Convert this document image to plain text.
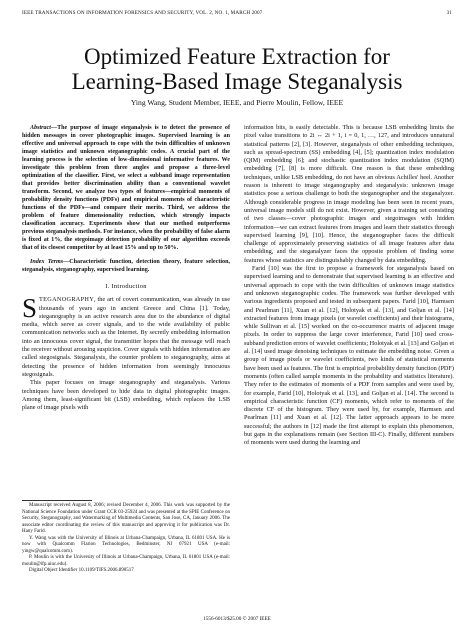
IEEE TRANSACTIONS ON INFORMATION FORENSICS AND SECURITY, VOL. 2, NO. 1, MARCH 2007	31
Optimized Feature Extraction for
Learning-Based Image Steganalysis
Ying Wang, Student Member, IEEE, and Pierre Moulin, Fellow, IEEE

Abstract—The purpose of image steganalysis is to detect the presence of hidden messages in cover photographic images. Supervised learning is an effective and universal approach to cope with the twin difficulties of unknown image statistics and unknown steganographic codes. A crucial part of the learning process is the selection of low-dimensional informative features. We investigate this problem from three angles and propose a three-level optimization of the classifier. First, we select a subband image representation that provides better discrimination ability than a conventional wavelet transform. Second, we analyze two types of features—empirical moments of probability density functions (PDFs) and empirical moments of characteristic functions of the PDFs—and compare their merits. Third, we address the problem of feature dimensionality reduction, which strongly impacts classification accuracy. Experiments show that our method outperforms previous steganalysis methods. For instance, when the probability of false alarm is fixed at 1%, the stegoimage detection probability of our algorithm exceeds that of its closest competitor by at least 15% and up to 50%.

Index Terms—Characteristic function, detection theory, feature selection, steganalysis, steganography, supervised learning.

I. Introduction

STEGANOGRAPHY, the art of covert communication, was already in use thousands of years ago in ancient Greece and China [1]. Today, steganography is an active research area due to the abundance of digital media, which serve as cover signals, and to the wide availability of public communication networks such as the Internet. By secretly embedding information into an innocuous cover signal, the transmitter hopes that the message will reach the receiver without arousing suspicion. Cover signals with hidden information are called stegosignals. Steganalysis, the counter problem to steganography, aims at detecting the presence of hidden information from seemingly innocuous stegosignals.

This paper focuses on image steganography and steganalysis. Various techniques have been developed to hide data in digital photographic images. Among them, least-significant bit (LSB) embedding, which replaces the LSB plane of image pixels with

Manuscript received August 8, 2006; revised December 4, 2006. This work was supported by the National Science Foundation under Grant CCR 03-25924 and was presented at the SPIE Conference on Security, Steganography, and Watermarking of Multimedia Contents, San Jose, CA, January 2006. The associate editor coordinating the review of this manuscript and approving it for publication was Dr. Hany Farid.

Y. Wang was with the University of Illinois at Urbana-Champaign, Urbana, IL 61801 USA. He is now with Qualcomm Flarion Technologies, Bedminster, NJ 07921 USA (e-mail: yingw@qualcomm.com).

P. Moulin is with the University of Illinois at Urbana-Champaign, Urbana, IL 61801 USA (e-mail: moulin@ifp.uiuc.edu).

Digital Object Identifier 10.1109/TIFS.2006.890517

information bits, is easily detectable. This is because LSB embedding limits the pixel value transitions to 2i ↔ 2i + 1, i = 0, 1, …, 127, and introduces unnatural statistical patterns [2], [3]. However, steganalysis of other embedding techniques, such as spread-spectrum (SS) embedding [4], [5]; quantization index modulation (QIM) embedding [6]; and stochastic quantization index modulation (SQIM) embedding [7], [8] is more difficult. One reason is that these embedding techniques, unlike LSB embedding, do not have an obvious Achilles' heel. Another reason is inherent to image steganography and steganalysis: unknown image statistics pose a serious challenge to both the steganographer and the steganalyzer. Although considerable progress in image modeling has been seen in recent years, universal image models still do not exist. However, given a training set consisting of two classes—cover photographic images and stegoimages with hidden information—we can extract features from images and learn their statistics through supervised learning [9], [10]. Hence, the steganographer faces the difficult challenge of approximately preserving statistics of all image features after data embedding, and the steganalyzer faces the opposite problem of finding some features whose statistics are distinguishably changed by data embedding.

Farid [10] was the first to propose a framework for steganalysis based on supervised learning and to demonstrate that supervised learning is an effective and universal approach to cope with the twin difficulties of unknown image statistics and unknown steganographic codes. The framework was further developed with various ingredients proposed and tested in subsequent papers. Farid [10], Harmsen and Pearlman [11], Xuan et al. [12], Holotyak et al. [13], and Goljan et al. [14] extracted features from image pixels (or wavelet coefficients) and their histograms, while Sullivan et al. [15] worked on the co-occurrence matrix of adjacent image pixels. In order to suppress the large cover interference, Farid [10] used cross-subband prediction errors of wavelet coefficients; Holotyak et al. [13] and Goljan et al. [14] used image denoising techniques to estimate the embedding noise. Given a group of image pixels or wavelet coefficients, two kinds of statistical moments have been used as features. The first is empirical probability density function (PDF) moments (often called sample moments in the probability and statistics literature). They refer to the estimates of moments of a PDF from samples and were used by, for example, Farid [10], Holotyak et al. [13], and Goljan et al. [14]. The second is empirical characteristic function (CF) moments, which refer to moments of the discrete CF of the histogram. They were used by, for example, Harmsen and Pearlman [11] and Xuan et al. [12]. The latter approach appears to be more successful; the authors in [12] made the first attempt to explain this phenomenon, but gaps in the explanations remain (see Section III-C). Finally, different numbers of moments were used during the learning and

1556-6013/$25.00 © 2007 IEEE
